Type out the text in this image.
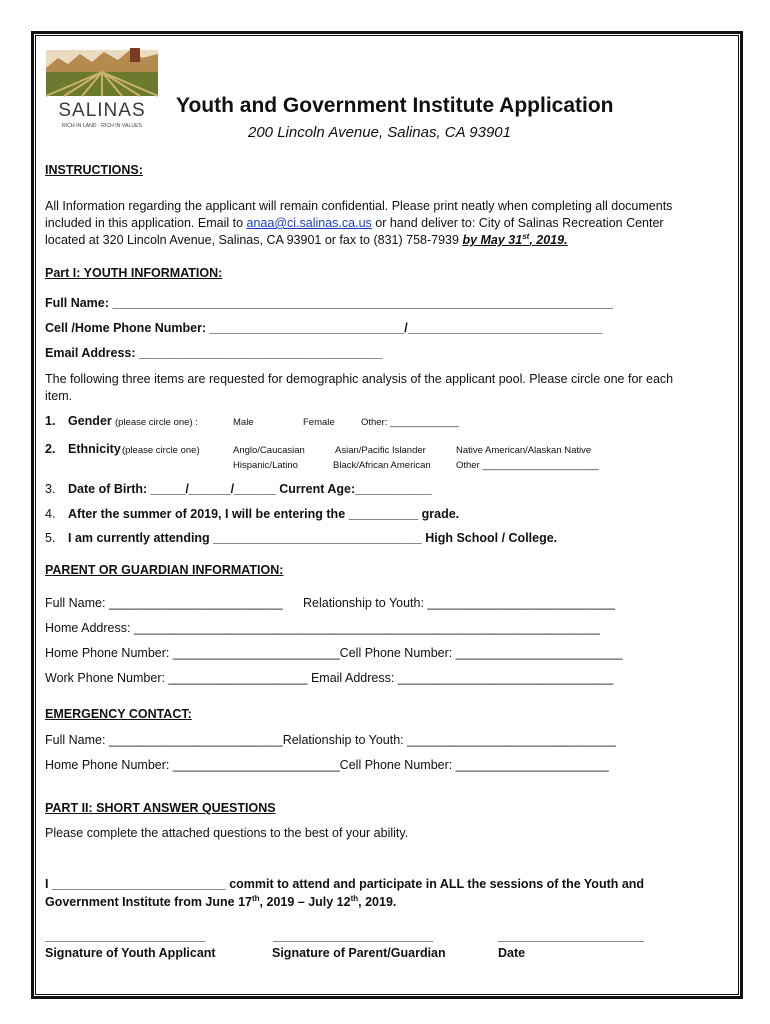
SALINAS
RICH IN LAND · RICH IN VALUES
Youth and Government Institute Application
200 Lincoln Avenue, Salinas, CA 93901
INSTRUCTIONS:
All Information regarding the applicant will remain confidential. Please print neatly when completing all documents included in this application. Email to anaa@ci.salinas.ca.us or hand deliver to: City of Salinas Recreation Center located at 320 Lincoln Avenue, Salinas, CA 93901 or fax to (831) 758-7939 by May 31st, 2019.
Part I: YOUTH INFORMATION:
Full Name: ________________________________________________________________________
Cell /Home Phone Number: ____________________________/____________________________
Email Address: ___________________________________
The following three items are requested for demographic analysis of the applicant pool. Please circle one for each item.
1. Gender (please circle one) :	Male	Female	Other: _____________
2. Ethnicity (please circle one)	Anglo/Caucasian	Asian/Pacific Islander	Native American/Alaskan Native
Hispanic/Latino	Black/African American	Other ______________________
3. Date of Birth: _____/______/______ Current Age:___________
4. After the summer of 2019, I will be entering the __________ grade.
5. I am currently attending ______________________________ High School / College.
PARENT OR GUARDIAN INFORMATION:
Full Name: _________________________ Relationship to Youth: ___________________________
Home Address: ___________________________________________________________________
Home Phone Number: ________________________Cell Phone Number: ________________________
Work Phone Number: ____________________ Email Address: _______________________________
EMERGENCY CONTACT:
Full Name: _________________________Relationship to Youth: ______________________________
Home Phone Number: ________________________Cell Phone Number: ______________________
PART II: SHORT ANSWER QUESTIONS
Please complete the attached questions to the best of your ability.
I _________________________ commit to attend and participate in ALL the sessions of the Youth and
Government Institute from June 17th, 2019 – July 12th, 2019.
_______________________	_______________________	_____________________
Signature of Youth Applicant	Signature of Parent/Guardian	Date
